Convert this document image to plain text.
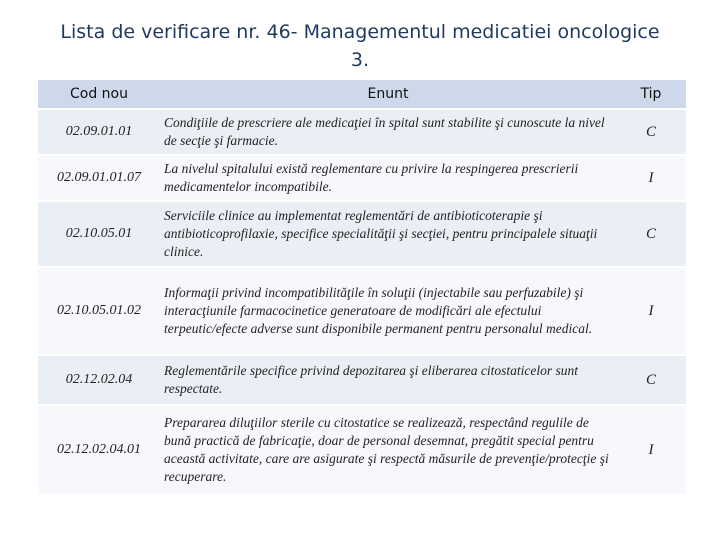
Lista de verificare nr. 46- Managementul medicatiei oncologice
3.
Cod nou	Enunt	Tip
02.09.01.01	Condiţiile de prescriere ale medicaţiei în spital sunt stabilite şi cunoscute la nivel de secţie şi farmacie.	C
02.09.01.01.07	La nivelul spitalului există reglementare cu privire la respingerea prescrierii medicamentelor incompatibile.	I
02.10.05.01	Serviciile clinice au implementat reglementări de antibioticoterapie şi antibioticoprofilaxie, specifice specialităţii şi secţiei, pentru principalele situaţii clinice.	C
02.10.05.01.02	Informaţii privind incompatibilităţile în soluţii (injectabile sau perfuzabile) şi interacţiunile farmacocinetice generatoare de modificări ale efectului terpeutic/efecte adverse sunt disponibile permanent pentru personalul medical.	I
02.12.02.04	Reglementările specifice privind depozitarea şi eliberarea citostaticelor sunt respectate.	C
02.12.02.04.01	Prepararea diluţiilor sterile cu citostatice se realizează, respectând regulile de bună practică de fabricaţie, doar de personal desemnat, pregătit special pentru această activitate, care are asigurate şi respectă măsurile de prevenţie/protecţie şi recuperare.	I
